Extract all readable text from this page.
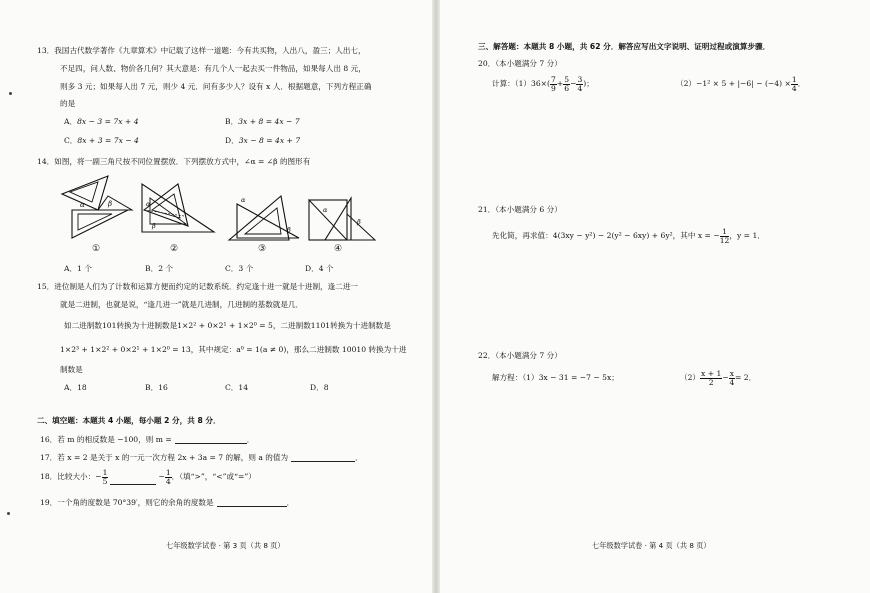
13．我国古代数学著作《九章算术》中记载了这样一道题：今有共买物，人出八，盈三；人出七，
不足四，问人数、物价各几何？其大意是：有几个人一起去买一件物品，如果每人出 8 元，
则多 3 元；如果每人出 7 元，则少 4 元．问有多少人？设有 x 人．根据题意，下列方程正确
的是
A．8x − 3 = 7x + 4	B．3x + 8 = 4x − 7
C．8x + 3 = 7x − 4	D．3x − 8 = 4x + 7
14．如图，将一副三角尺按不同位置摆放．下列摆放方式中，∠α = ∠β 的图形有
α	β
①
α
β
②
α
β
③
α
β
④
A．1 个	B．2 个	C．3 个	D．4 个
15．进位制是人们为了计数和运算方便而约定的记数系统．约定逢十进一就是十进制，逢二进一
就是二进制，也就是说，“逢几进一”就是几进制，几进制的基数就是几．
如二进制数101转换为十进制数是1×2² + 0×2¹ + 1×2⁰ = 5，二进制数1101转换为十进制数是
1×2³ + 1×2² + 0×2¹ + 1×2⁰ = 13，其中规定：a⁰ = 1(a ≠ 0)，那么二进制数 10010 转换为十进
制数是
A．18	B．16	C．14	D．8
二、填空题：本题共 4 小题，每小题 2 分，共 8 分．
16．若 m 的相反数是 −100，则 m =	．
17．若 x = 2 是关于 x 的一元一次方程 2x + 3a = 7 的解，则 a 的值为	．
18．比较大小：− $\frac{1}{5}$	− $\frac{1}{4}$ ．（填“>”，“<”或“=”）
19．一个角的度数是 70°39′，则它的余角的度数是	．
七年级数学试卷 · 第 3 页（共 8 页）
三、解答题：本题共 8 小题，共 62 分．解答应写出文字说明、证明过程或演算步骤．
20．（本小题满分 7 分）
计算：$(1)36\times( \frac{7}{9} + \frac{5}{6} - \frac{3}{4}$ )；	$(2)-1^2 \times 5 + |-6| - (-4) \times \frac{1}{4}$ ．
21．（本小题满分 6 分）
先化简，再求值：4(3xy − y²) − 2(y² − 6xy) + 6y²，其中 x = − $\frac{1}{12}$ ，y = 1．
22．（本小题满分 7 分）
解方程：（1）3x − 31 = −7 − 5x；	$(2) \frac{x + 1}{2} - \frac{x}{4} = 2$．
七年级数学试卷 · 第 4 页（共 8 页）
